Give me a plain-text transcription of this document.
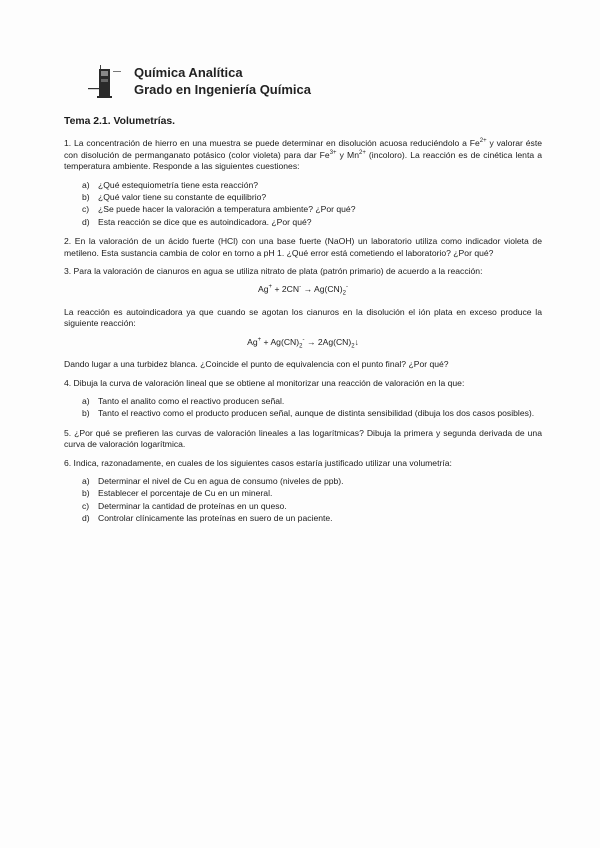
Química Analítica
Grado en Ingeniería Química
Tema 2.1. Volumetrías.

1. La concentración de hierro en una muestra se puede determinar en disolución acuosa reduciéndolo a $Fe^{2+}$ y valorar éste con disolución de permanganato potásico (color violeta) para dar $Fe^{3+}$ y $Mn^{2+}$ (incoloro). La reacción es de cinética lenta a temperatura ambiente. Responde a las siguientes cuestiones:

a) ¿Qué estequiometría tiene esta reacción?
b) ¿Qué valor tiene su constante de equilibrio?
c)	¿Se puede hacer la valoración a temperatura ambiente? ¿Por qué?
d) Esta reacción se dice que es autoindicadora. ¿Por qué?

2. En la valoración de un ácido fuerte (HCl) con una base fuerte (NaOH) un laboratorio utiliza como indicador violeta de metileno. Esta sustancia cambia de color en torno a pH 1. ¿Qué error está cometiendo el laboratorio? ¿Por qué?

3. Para la valoración de cianuros en agua se utiliza nitrato de plata (patrón primario) de acuerdo a la reacción:

$Ag^+ + 2CN^- \to Ag(CN)_2^-$

La reacción es autoindicadora ya que cuando se agotan los cianuros en la disolución el ión plata en exceso produce la siguiente reacción:

$Ag^+ + Ag(CN)_2^-$ → $2Ag(CN)_2↓$

Dando lugar a una turbidez blanca. ¿Coincide el punto de equivalencia con el punto final? ¿Por qué?

4. Dibuja la curva de valoración lineal que se obtiene al monitorizar una reacción de valoración en la que:

a) Tanto el analito como el reactivo producen señal.
b) Tanto el reactivo como el producto producen señal, aunque de distinta sensibilidad (dibuja los dos casos posibles).

5. ¿Por qué se prefieren las curvas de valoración lineales a las logarítmicas? Dibuja la primera y segunda derivada de una curva de valoración logarítmica.

6. Indica, razonadamente, en cuales de los siguientes casos estaría justificado utilizar una volumetría:

a) Determinar el nivel de Cu en agua de consumo (niveles de ppb).
b) Establecer el porcentaje de Cu en un mineral.
c)	Determinar la cantidad de proteínas en un queso.
d) Controlar clínicamente las proteínas en suero de un paciente.
